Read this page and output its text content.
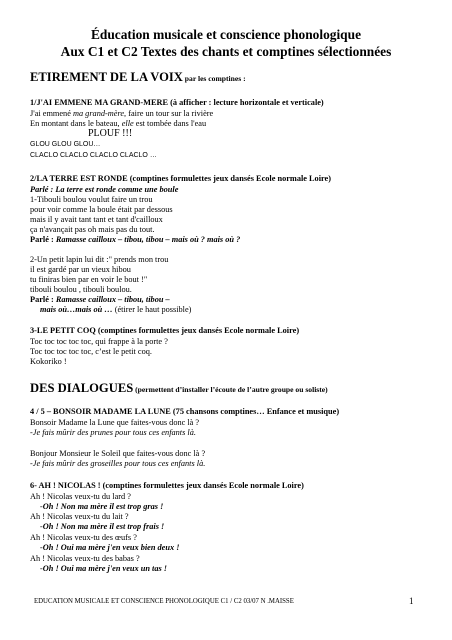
Éducation musicale et conscience phonologique
Aux C1 et C2 Textes des chants et comptines sélectionnées
ETIREMENT DE LA VOIX par les comptines :
1/J'AI EMMENE MA GRAND-MERE (à afficher : lecture horizontale et verticale)
J'ai emmené ma grand-mère, faire un tour sur la rivière
En montant dans le bateau, elle est tombée dans l'eau
PLOUF !!!
GLOU GLOU GLOU…
CLACLO CLACLO CLACLO CLACLO …
2/LA TERRE EST RONDE (comptines formulettes jeux dansés Ecole normale Loire)
Parlé : La terre est ronde comme une boule
1-Tibouli boulou voulut faire un trou
pour voir comme la boule était par dessous
mais il y avait tant tant et tant d'cailloux
ça n'avançait pas oh mais pas du tout.
Parlé : Ramasse cailloux – tibou, tibou – mais où ? mais où ?
2-Un petit lapin lui dit :" prends mon trou
il est gardé par un vieux hibou
tu finiras bien par en voir le bout !"
tibouli boulou , tibouli boulou.
Parlé : Ramasse cailloux – tibou, tibou –
mais où…mais où … (étirer le haut possible)
3-LE PETIT COQ (comptines formulettes jeux dansés Ecole normale Loire)
Toc toc toc toc toc, qui frappe à la porte ?
Toc toc toc toc toc, c’est le petit coq.
Kokoriko !
DES DIALOGUES (permettent d’installer l’écoute de l’autre groupe ou soliste)
4 / 5 – BONSOIR MADAME LA LUNE (75 chansons comptines… Enfance et musique)
Bonsoir Madame la Lune que faites-vous donc là ?
-Je fais mûrir des prunes pour tous ces enfants là.
Bonjour Monsieur le Soleil que faites-vous donc là ?
-Je fais mûrir des groseilles pour tous ces enfants là.
6- AH ! NICOLAS ! (comptines formulettes jeux dansés Ecole normale Loire)
Ah ! Nicolas veux-tu du lard ?
-Oh ! Non ma mère il est trop gras !
Ah ! Nicolas veux-tu du lait ?
-Oh ! Non ma mère il est trop frais !
Ah ! Nicolas veux-tu des œufs ?
-Oh ! Oui ma mère j'en veux bien deux !
Ah ! Nicolas veux-tu des babas ?
-Oh ! Oui ma mère j'en veux un tas !
EDUCATION MUSICALE ET CONSCIENCE PHONOLOGIQUE C1 / C2 03/07 N .MAISSE	1
